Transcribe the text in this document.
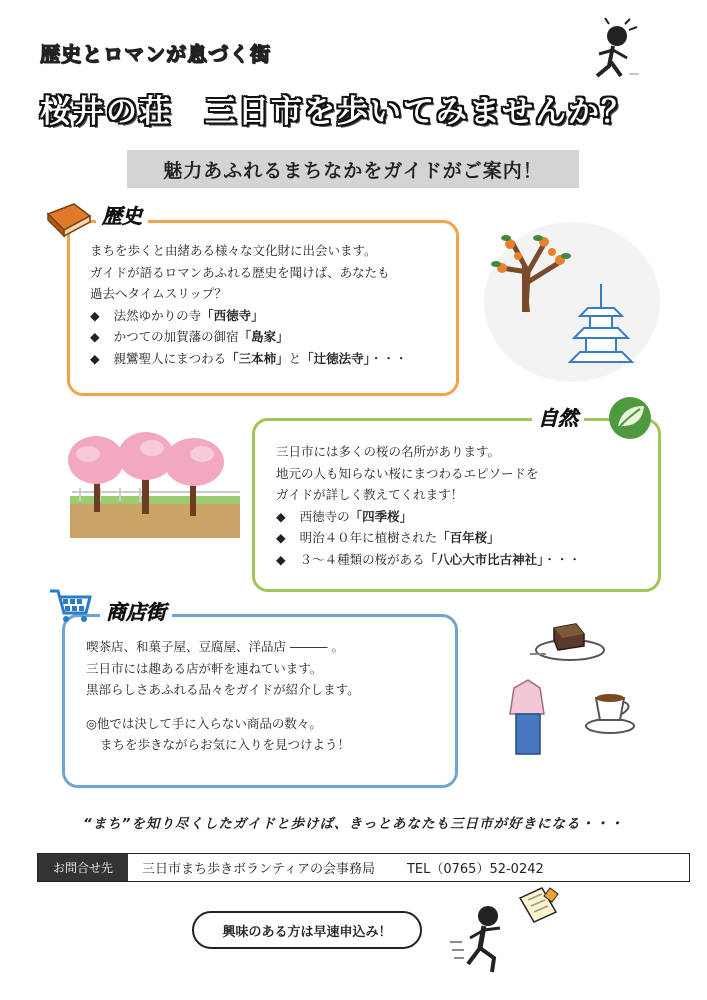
歴史とロマンが息づく街
桜井の荘　三日市を歩いてみませんか？
魅力あふれるまちなかをガイドがご案内！
歴史

まちを歩くと由緒ある様々な文化財に出会います。

ガイドが語るロマンあふれる歴史を聞けば、あなたも

過去へタイムスリップ？

◆ 法然ゆかりの寺「西徳寺」
◆ かつての加賀藩の御宿「島家」
◆ 親鸞聖人にまつわる「三本柿」と「辻徳法寺」・・・
自然

三日市には多くの桜の名所があります。

地元の人も知らない桜にまつわるエピソードを

ガイドが詳しく教えてくれます！

◆ 西徳寺の「四季桜」
◆ 明治４０年に植樹された「百年桜」
◆ ３～４種類の桜がある「八心大市比古神社」・・・
商店街

喫茶店、和菓子屋、豆腐屋、洋品店 ――― 。

三日市には趣ある店が軒を連ねています。

黒部らしさあふれる品々をガイドが紹介します。

◎他では決して手に入らない商品の数々。

まちを歩きながらお気に入りを見つけよう！

“まち”を知り尽くしたガイドと歩けば、きっとあなたも三日市が好きになる・・・
お問合せ先	三日市まち歩きボランティアの会事務局	TEL（0765）52-0242
興味のある方は早速申込み！
